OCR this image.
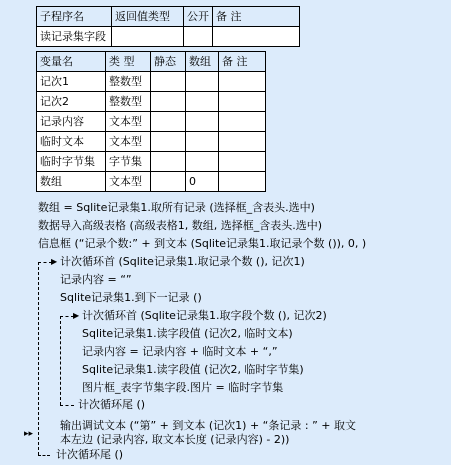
▸▸
子程序名	返回值类型	公开	备 注
读记录集字段			
变量名	类 型	静态	数组	备 注
记次1	整数型			
记次2	整数型			
记录内容	文本型			
临时文本	文本型			
临时字节集	字节集			
数组	文本型		0	
数组 = Sqlite记录集1.取所有记录 (选择框_含表头.选中)
数据导入高级表格 (高级表格1, 数组, 选择框_含表头.选中)
信息框 (“记录个数:” + 到文本 (Sqlite记录集1.取记录个数 ()), 0, )
▶ 计次循环首 (Sqlite记录集1.取记录个数 (), 记次1)
记录内容 = “”
Sqlite记录集1.到下一记录 ()
▶ 计次循环首 (Sqlite记录集1.取字段个数 (), 记次2)
Sqlite记录集1.读字段值 (记次2, 临时文本)
记录内容 = 记录内容 + 临时文本 + “,”
Sqlite记录集1.读字段值 (记次2, 临时字节集)
图片框_表字节集字段.图片 = 临时字节集
计次循环尾 ()
输出调试文本 (“第” + 到文本 (记次1) + “条记录 : ” + 取文
本左边 (记录内容, 取文本长度 (记录内容) - 2))
计次循环尾 ()
